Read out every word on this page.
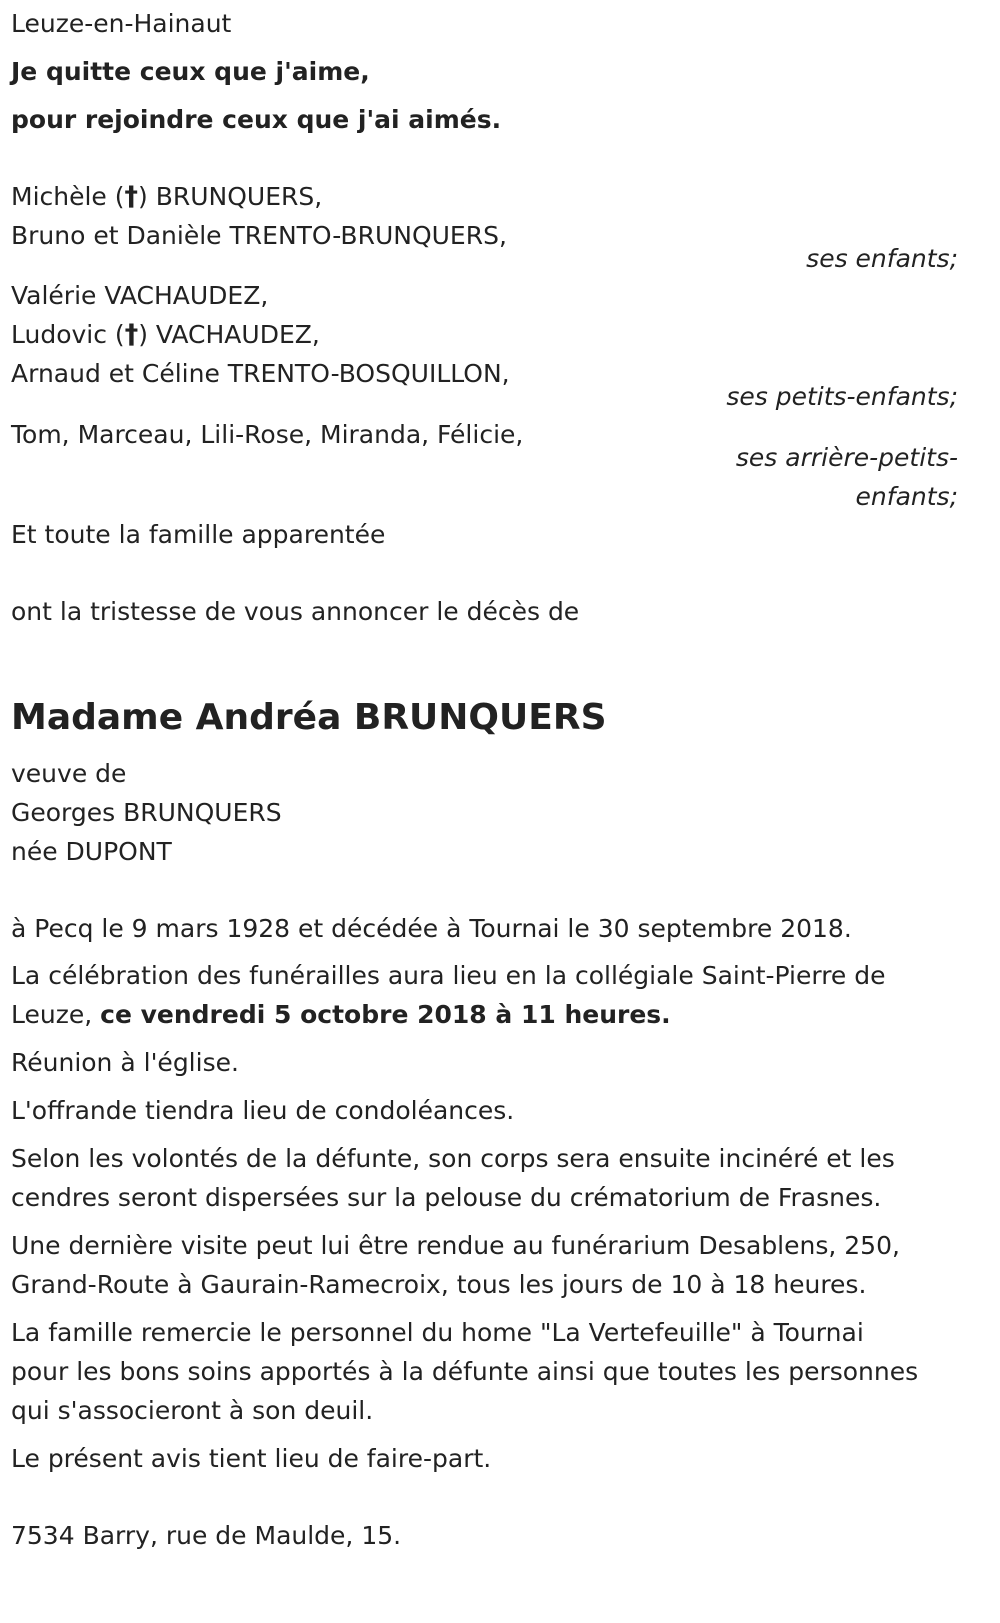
Leuze-en-Hainaut

Je quitte ceux que j'aime,

pour rejoindre ceux que j'ai aimés.

Michèle (†) BRUNQUERS,

Bruno et Danièle TRENTO-BRUNQUERS,

ses enfants;

Valérie VACHAUDEZ,

Ludovic (†) VACHAUDEZ,

Arnaud et Céline TRENTO-BOSQUILLON,

ses petits-enfants;

Tom, Marceau, Lili-Rose, Miranda, Félicie,

ses arrière-petits-

enfants;

Et toute la famille apparentée

ont la tristesse de vous annoncer le décès de

Madame Andréa BRUNQUERS

veuve de

Georges BRUNQUERS

née DUPONT

à Pecq le 9 mars 1928 et décédée à Tournai le 30 septembre 2018.

La célébration des funérailles aura lieu en la collégiale Saint-Pierre de

Leuze, ce vendredi 5 octobre 2018 à 11 heures.

Réunion à l'église.

L'offrande tiendra lieu de condoléances.

Selon les volontés de la défunte, son corps sera ensuite incinéré et les

cendres seront dispersées sur la pelouse du crématorium de Frasnes.

Une dernière visite peut lui être rendue au funérarium Desablens, 250,

Grand-Route à Gaurain-Ramecroix, tous les jours de 10 à 18 heures.

La famille remercie le personnel du home "La Vertefeuille" à Tournai

pour les bons soins apportés à la défunte ainsi que toutes les personnes

qui s'associeront à son deuil.

Le présent avis tient lieu de faire-part.

7534 Barry, rue de Maulde, 15.
